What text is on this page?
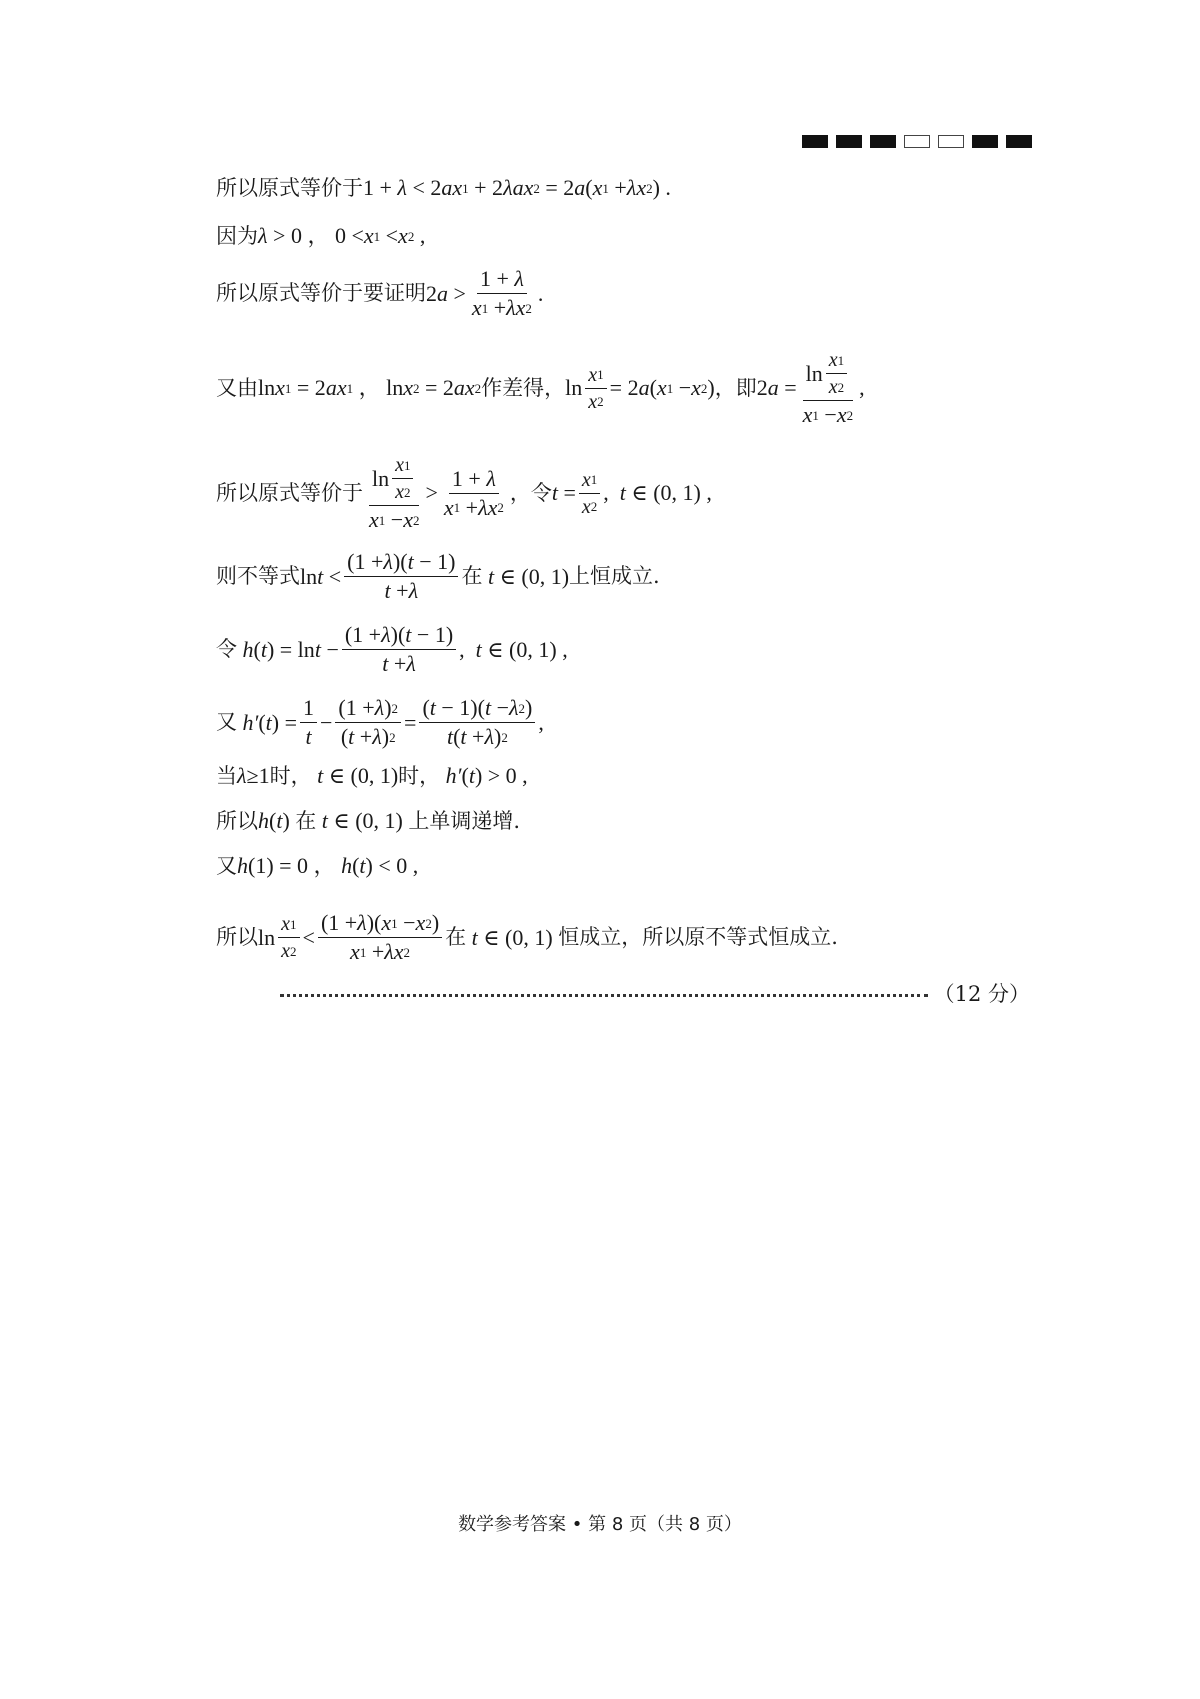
所以原式等价于 1 + λ < 2 ax 1 + 2 λax 2 = 2 a ( x 1 + λx 2 ) .
因为 λ > 0 ， 0 < x 1 < x 2 ,
所以原式等价于要证明 2 $a > \frac{1 + \lambda}{x 1 + \lambda x 2}$ .
又由 ln x 1 = 2 ax 1 ， ln x 2 = 2 ax 2 作差得， $\ln \frac{x 1}{x 2} = 2$ a ( x 1 − x 2 ) ，即 2 $a = \frac{\ln \frac{x 1}{x 2}}{x 1 - x 2}$ ,
所以原式等价于 $\frac{\ln \frac{x 1}{x 2}}{x 1 - x 2} > \frac{1 + \lambda}{x 1 + \lambda x 2}$ ，令 $t = \frac{x 1}{x 2}$ , t ∈ (0, 1) ,
则不等式 $\ln t < \frac{(1 + \lambda )( t - 1)}{t + \lambda}$ 在 t ∈ (0, 1) 上恒成立.
令 h ( t ) = $\ln t - \frac{(1 + \lambda )( t - 1)}{t + \lambda}$ , t ∈ (0, 1) ,
又 h′ ( t ) = $\frac{1}{t} - \frac{(1 + \lambda ) 2}{( t + \lambda ) 2} = \frac{( t - 1)( t - \lambda 2 )}{t ( t + \lambda ) 2}$ ,
当 λ ≥1 时， t ∈ (0, 1) 时， h′ ( t ) > 0 ,
所以 h ( t ) 在 t ∈ (0, 1) 上单调递增.
又 h (1) = 0 ， h ( t ) < 0 ,
所以 $\ln \frac{x 1}{x 2} < \frac{(1 + \lambda )( x 1 - x 2 )}{x 1 + \lambda x 2}$ 在 t ∈ (0, 1) 恒成立，所以原不等式恒成立.
（12 分）
数学参考答案 • 第 8 页（共 8 页）
